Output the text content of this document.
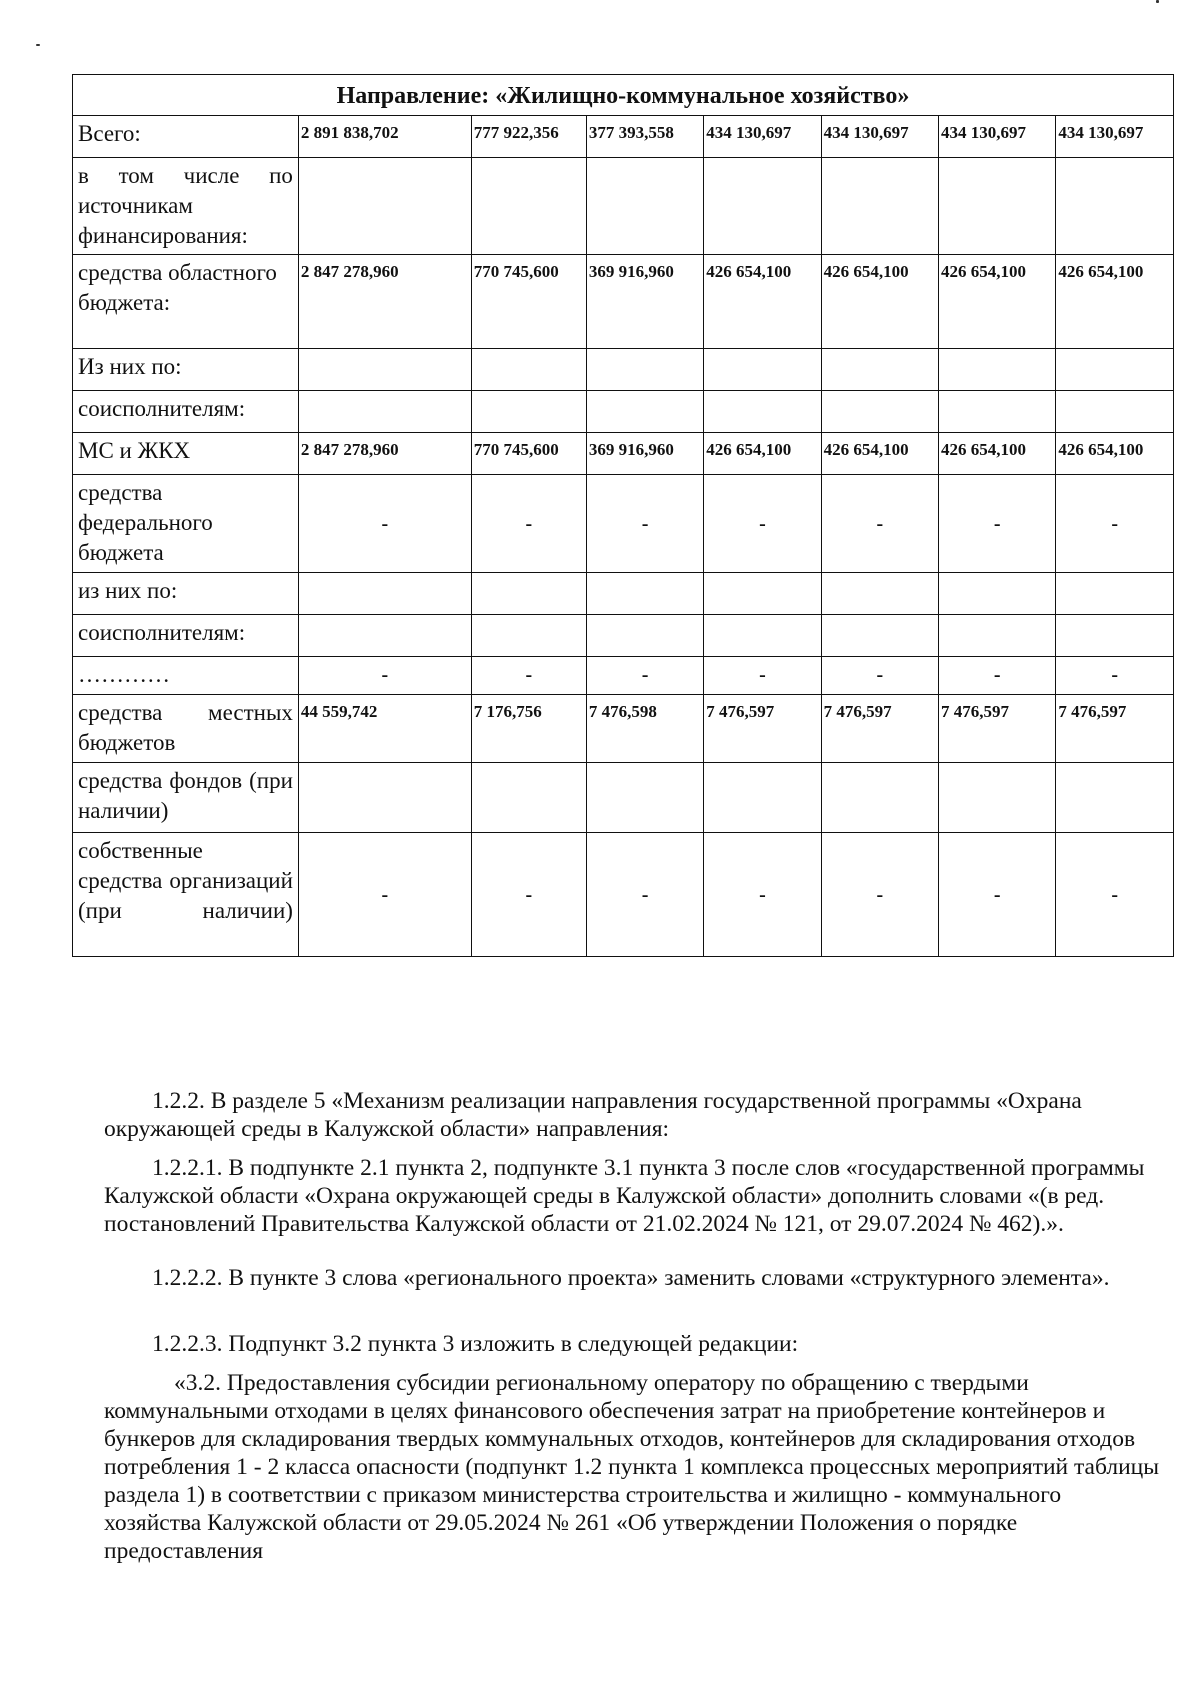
Направление: «Жилищно-коммунальное хозяйство»							
Всего:	2 891 838,702	777 922,356	377 393,558	434 130,697	434 130,697	434 130,697	434 130,697
в том числе по источникам финансирования:							
средства областного бюджета:	2 847 278,960	770 745,600	369 916,960	426 654,100	426 654,100	426 654,100	426 654,100
Из них по:							
соисполнителям:							
МС и ЖКХ	2 847 278,960	770 745,600	369 916,960	426 654,100	426 654,100	426 654,100	426 654,100
средства федерального бюджета	-	-	-	-	-	-	-
из них по:							
соисполнителям:							
…………	-	-	-	-	-	-	-
средства местных бюджетов	44 559,742	7 176,756	7 476,598	7 476,597	7 476,597	7 476,597	7 476,597
средства фондов (при наличии)							
собственные средства организаций (при наличии)	-	-	-	-	-	-	-

1.2.2. В разделе 5 «Механизм реализации направления государственной программы «Охрана окружающей среды в Калужской области» направления:

1.2.2.1. В подпункте 2.1 пункта 2, подпункте 3.1 пункта 3 после слов «государственной программы Калужской области «Охрана окружающей среды в Калужской области» дополнить словами «(в ред. постановлений Правительства Калужской области от 21.02.2024 № 121, от 29.07.2024 № 462).».

1.2.2.2. В пункте 3 слова «регионального проекта» заменить словами «структурного элемента».

1.2.2.3. Подпункт 3.2 пункта 3 изложить в следующей редакции:

«3.2. Предоставления субсидии региональному оператору по обращению с твердыми коммунальными отходами в целях финансового обеспечения затрат на приобретение контейнеров и бункеров для складирования твердых коммунальных отходов, контейнеров для складирования отходов потребления 1 - 2 класса опасности (подпункт 1.2 пункта 1 комплекса процессных мероприятий таблицы раздела 1) в соответствии с приказом министерства строительства и жилищно - коммунального хозяйства Калужской области от 29.05.2024 № 261 «Об утверждении Положения о порядке предоставления
